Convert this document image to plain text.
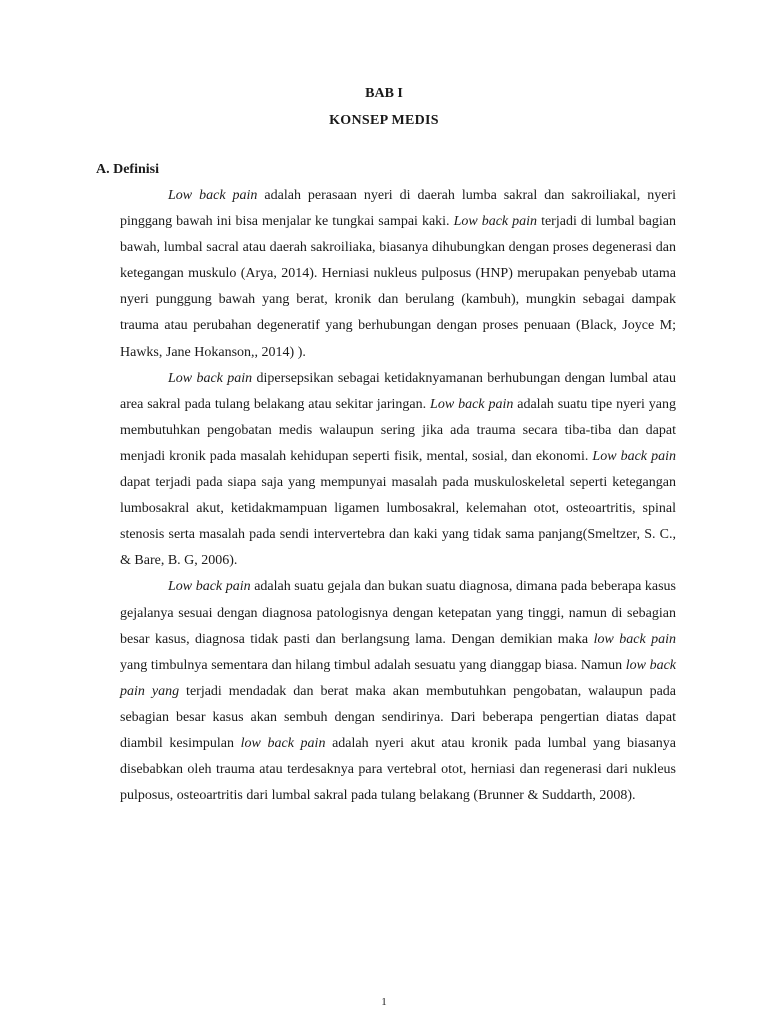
BAB I
KONSEP MEDIS
A. Definisi

Low back pain adalah perasaan nyeri di daerah lumba sakral dan sakroiliakal, nyeri pinggang bawah ini bisa menjalar ke tungkai sampai kaki. Low back pain terjadi di lumbal bagian bawah, lumbal sacral atau daerah sakroiliaka, biasanya dihubungkan dengan proses degenerasi dan ketegangan muskulo (Arya, 2014). Herniasi nukleus pulposus (HNP) merupakan penyebab utama nyeri punggung bawah yang berat, kronik dan berulang (kambuh), mungkin sebagai dampak trauma atau perubahan degeneratif yang berhubungan dengan proses penuaan (Black, Joyce M; Hawks, Jane Hokanson,, 2014) ).

Low back pain dipersepsikan sebagai ketidaknyamanan berhubungan dengan lumbal atau area sakral pada tulang belakang atau sekitar jaringan. Low back pain adalah suatu tipe nyeri yang membutuhkan pengobatan medis walaupun sering jika ada trauma secara tiba-tiba dan dapat menjadi kronik pada masalah kehidupan seperti fisik, mental, sosial, dan ekonomi. Low back pain dapat terjadi pada siapa saja yang mempunyai masalah pada muskuloskeletal seperti ketegangan lumbosakral akut, ketidakmampuan ligamen lumbosakral, kelemahan otot, osteoartritis, spinal stenosis serta masalah pada sendi intervertebra dan kaki yang tidak sama panjang(Smeltzer, S. C., & Bare, B. G, 2006).

Low back pain adalah suatu gejala dan bukan suatu diagnosa, dimana pada beberapa kasus gejalanya sesuai dengan diagnosa patologisnya dengan ketepatan yang tinggi, namun di sebagian besar kasus, diagnosa tidak pasti dan berlangsung lama. Dengan demikian maka low back pain yang timbulnya sementara dan hilang timbul adalah sesuatu yang dianggap biasa. Namun low back pain yang terjadi mendadak dan berat maka akan membutuhkan pengobatan, walaupun pada sebagian besar kasus akan sembuh dengan sendirinya. Dari beberapa pengertian diatas dapat diambil kesimpulan low back pain adalah nyeri akut atau kronik pada lumbal yang biasanya disebabkan oleh trauma atau terdesaknya para vertebral otot, herniasi dan regenerasi dari nukleus pulposus, osteoartritis dari lumbal sakral pada tulang belakang (Brunner & Suddarth, 2008).

1
